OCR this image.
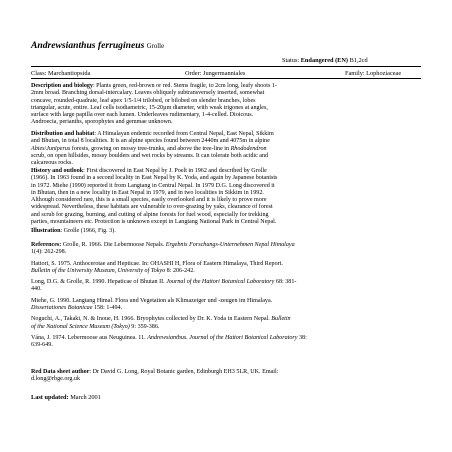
Andrewsianthus ferrugineus Grolle
Status: Endangered (EN) B1,2cd
Class: Marchantiopsida	Order: Jungermanniales	Family: Lophoziaceae

Description and biology: Plants green, red-brown or red. Stems fragile, to 2cm long, leafy shoots 1-

2mm broad. Branching dorsal-intercalary. Leaves obliquely subtransversely inserted, somewhat

concave, rounded-quadrate, leaf apex 1/5-1/4 trilobed, or bilobed on slender branches, lobes

triangular, acute, entire. Leaf cells isodiametric, 15-20µm diameter, with weak trigones at angles,

surface with large papilla over each lumen. Underleaves rudimentary, 1-4-celled. Dioicous.

Androecia, perianths, sporophytes and gemmae unknown.

Distribution and habitat: A Himalayan endemic recorded from Central Nepal, East Nepal, Sikkim

and Bhutan, in total 8 localities. It is an alpine species found between 2440m and 4075m in alpine

Abies/Juniperus forests, growing on mossy tree-trunks, and above the tree-line in Rhododendron

scrub, on open hillsides, mossy boulders and wet rocks by streams. It can tolerate both acidic and

calcareous rocks.

History and outlook: First discovered in East Nepal by J. Poelt in 1962 and described by Grolle

(1966). In 1963 found in a second locality in East Nepal by K. Yoda, and again by Japanese botanists

in 1972. Miehe (1990) reported it from Langtang in Central Nepal. In 1979 D.G. Long discovered it

in Bhutan, then in a new locality in East Nepal in 1979, and in two localities in Sikkim in 1992.

Although considered rare, this is a small species, easily overlooked and it is likely to prove more

widespread. Nevertheless, these habitats are vulnerable to over-grazing by yaks, clearance of forest

and scrub for grazing, burning, and cutting of alpine forests for fuel wood, especially for trekking

parties, mountaineers etc. Protection is unknown except in Langtang National Park in Central Nepal.

Illustration: Grolle (1966, Fig. 3).

References: Grolle, R. 1966. Die Lebermoose Nepals. Ergebnis Forschungs-Unternehmen Nepal Himalaya

1(4): 262-298.

Hattori, S. 1975. Anthocerotae and Hepticae. In: OHASHI H, Flora of Eastern Himalaya, Third Report.

Bulletin of the University Museum, University of Tokyo 8: 206-242.

Long, D.G. & Grolle, R. 1990. Hepaticae of Bhutan II. Journal of the Hattori Botanical Laboratory 68: 381-

440.

Miehe, G. 1990. Langtang Himal. Flora und Vegetation als Klimazeiger und -zeugen im Himalaya.

Dissertationes Botanicae 158: 1-494.

Noguchi, A., Takaki, N. & Inoue, H. 1966. Bryophytes collected by Dr. K. Yoda in Eastern Nepal. Bulletin

of the National Science Museum (Tokyo) 9: 359-386.

Vána, J. 1974. Lebermoose aus Neuguinea. 11. Andrewsianthus. Journal of the Hattori Botanical Laboratory 38:

639-649.

Red Data sheet author: Dr David G. Long, Royal Botanic garden, Edinburgh EH3 5LR, UK. Email:

d.long@rbge.org.uk

Last updated: March 2001
